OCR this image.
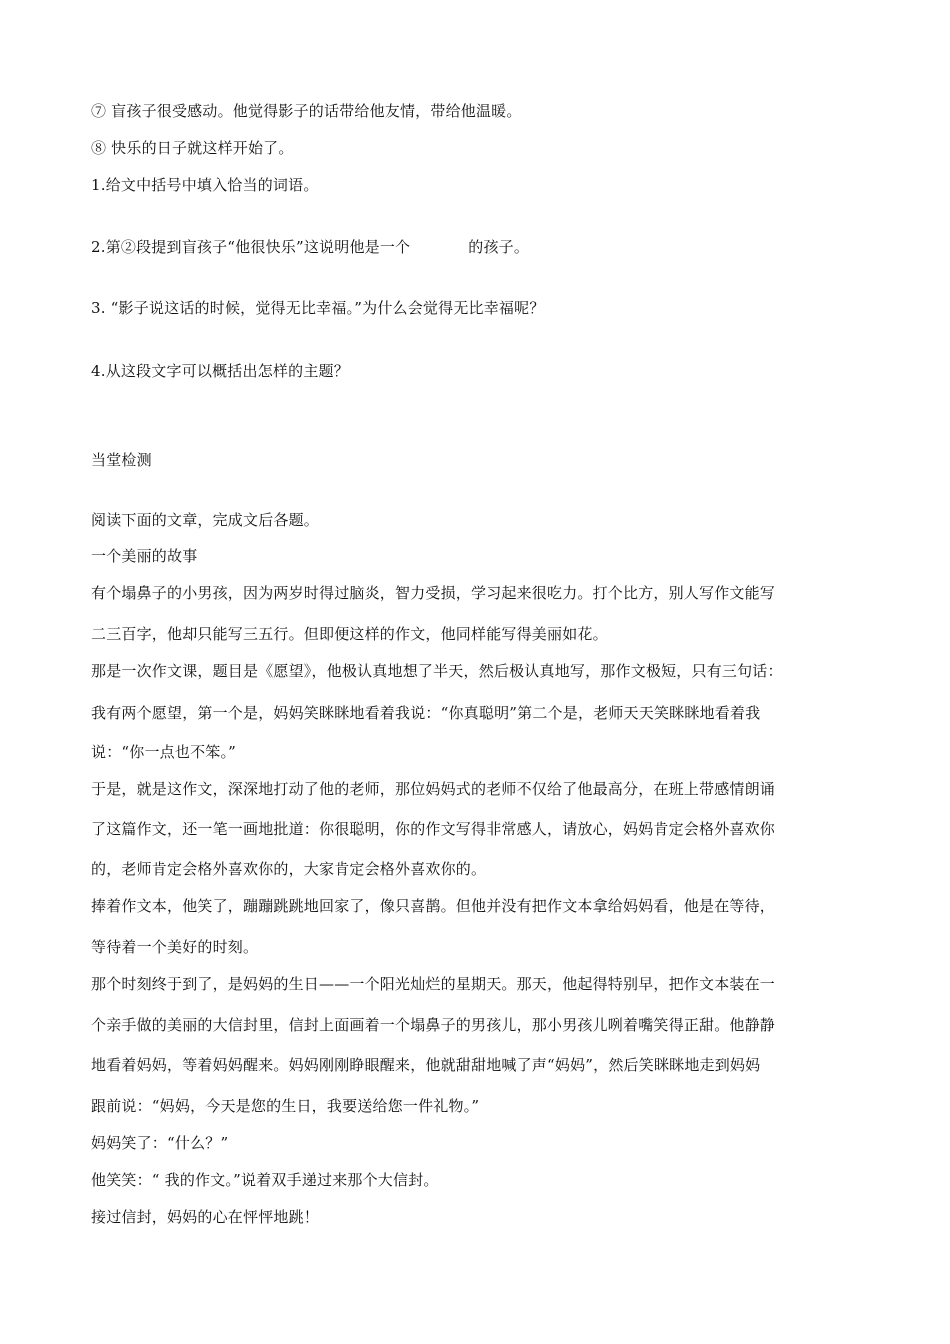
⑦ 盲孩子很受感动。他觉得影子的话带给他友情，带给他温暖。
⑧ 快乐的日子就这样开始了。
1.给文中括号中填入恰当的词语。
2.第②段提到盲孩子“他很快乐”这说明他是一个	的孩子。
3. “影子说这话的时候，觉得无比幸福。”为什么会觉得无比幸福呢？
4.从这段文字可以概括出怎样的主题？
当堂检测
阅读下面的文章，完成文后各题。
一个美丽的故事
有个塌鼻子的小男孩，因为两岁时得过脑炎，智力受损，学习起来很吃力。打个比方，别人写作文能写
二三百字，他却只能写三五行。但即便这样的作文，他同样能写得美丽如花。
那是一次作文课，题目是《愿望》，他极认真地想了半天，然后极认真地写，那作文极短，只有三句话：
我有两个愿望，第一个是，妈妈笑眯眯地看着我说：“你真聪明”第二个是，老师天天笑眯眯地看着我
说：“你一点也不笨。”
于是，就是这作文，深深地打动了他的老师，那位妈妈式的老师不仅给了他最高分，在班上带感情朗诵
了这篇作文，还一笔一画地批道：你很聪明，你的作文写得非常感人，请放心，妈妈肯定会格外喜欢你
的，老师肯定会格外喜欢你的，大家肯定会格外喜欢你的。
捧着作文本，他笑了，蹦蹦跳跳地回家了，像只喜鹊。但他并没有把作文本拿给妈妈看，他是在等待，
等待着一个美好的时刻。
那个时刻终于到了，是妈妈的生日——一个阳光灿烂的星期天。那天，他起得特别早，把作文本装在一
个亲手做的美丽的大信封里，信封上面画着一个塌鼻子的男孩儿，那小男孩儿咧着嘴笑得正甜。他静静
地看着妈妈，等着妈妈醒来。妈妈刚刚睁眼醒来，他就甜甜地喊了声“妈妈”，然后笑眯眯地走到妈妈
跟前说：“妈妈，今天是您的生日，我要送给您一件礼物。”
妈妈笑了：“什么？”
他笑笑：“ 我的作文。”说着双手递过来那个大信封。
接过信封，妈妈的心在怦怦地跳！
